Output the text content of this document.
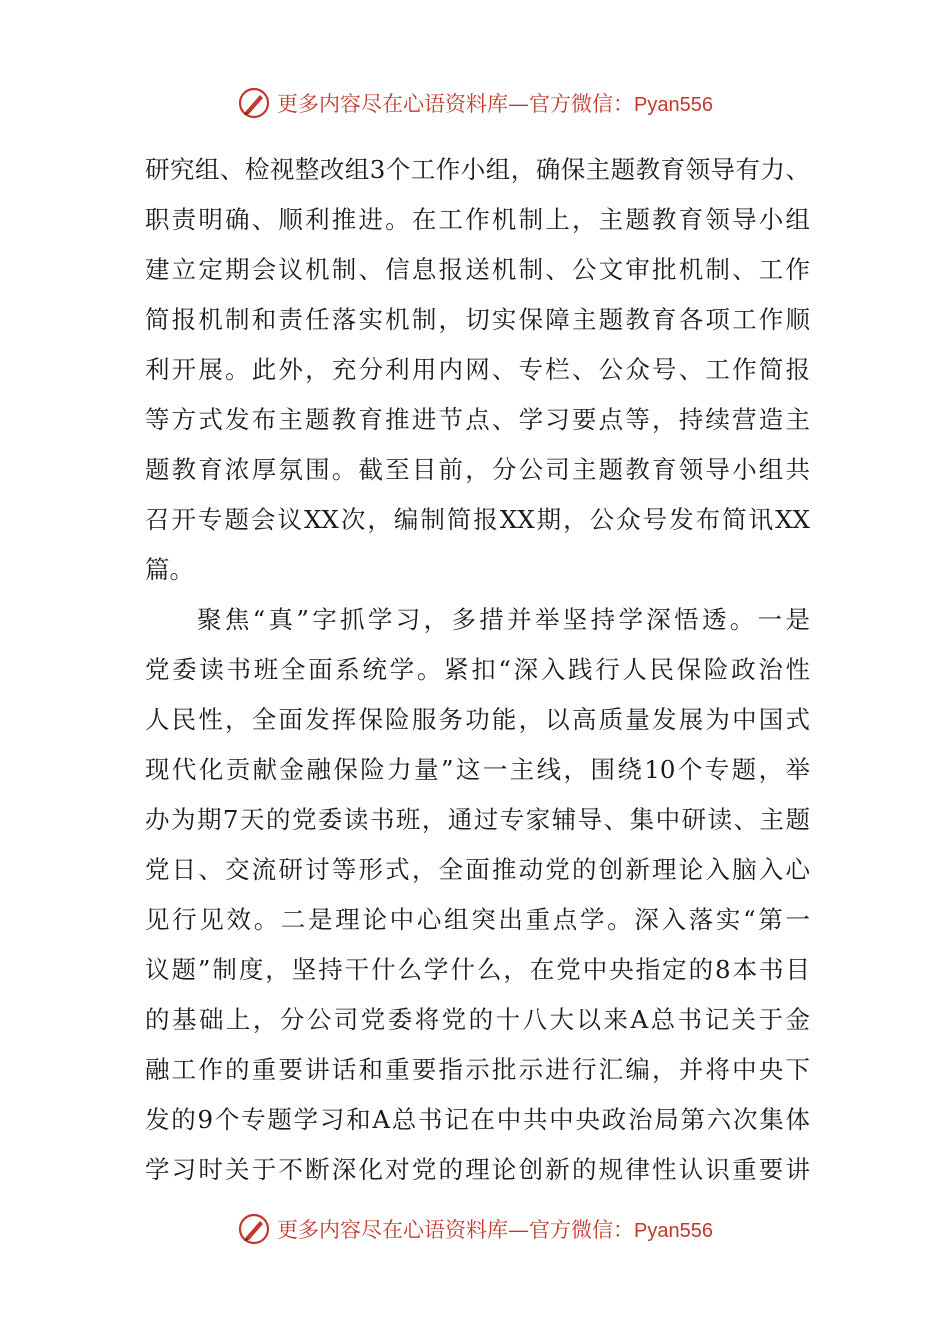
更多内容尽在心语资料库—官方微信：Pyan556
研究组、检视整改组3个工作小组，确保主题教育领导有力、
职责明确、顺利推进。在工作机制上，主题教育领导小组
建立定期会议机制、信息报送机制、公文审批机制、工作
简报机制和责任落实机制，切实保障主题教育各项工作顺
利开展。此外，充分利用内网、专栏、公众号、工作简报
等方式发布主题教育推进节点、学习要点等，持续营造主
题教育浓厚氛围。截至目前，分公司主题教育领导小组共
召开专题会议XX次，编制简报XX期，公众号发布简讯XX
篇。
聚焦“真”字抓学习，多措并举坚持学深悟透。一是
党委读书班全面系统学。紧扣“深入践行人民保险政治性
人民性，全面发挥保险服务功能，以高质量发展为中国式
现代化贡献金融保险力量”这一主线，围绕10个专题，举
办为期7天的党委读书班，通过专家辅导、集中研读、主题
党日、交流研讨等形式，全面推动党的创新理论入脑入心
见行见效。二是理论中心组突出重点学。深入落实“第一
议题”制度，坚持干什么学什么，在党中央指定的8本书目
的基础上，分公司党委将党的十八大以来A总书记关于金
融工作的重要讲话和重要指示批示进行汇编，并将中央下
发的9个专题学习和A总书记在中共中央政治局第六次集体
学习时关于不断深化对党的理论创新的规律性认识重要讲
更多内容尽在心语资料库—官方微信：Pyan556
